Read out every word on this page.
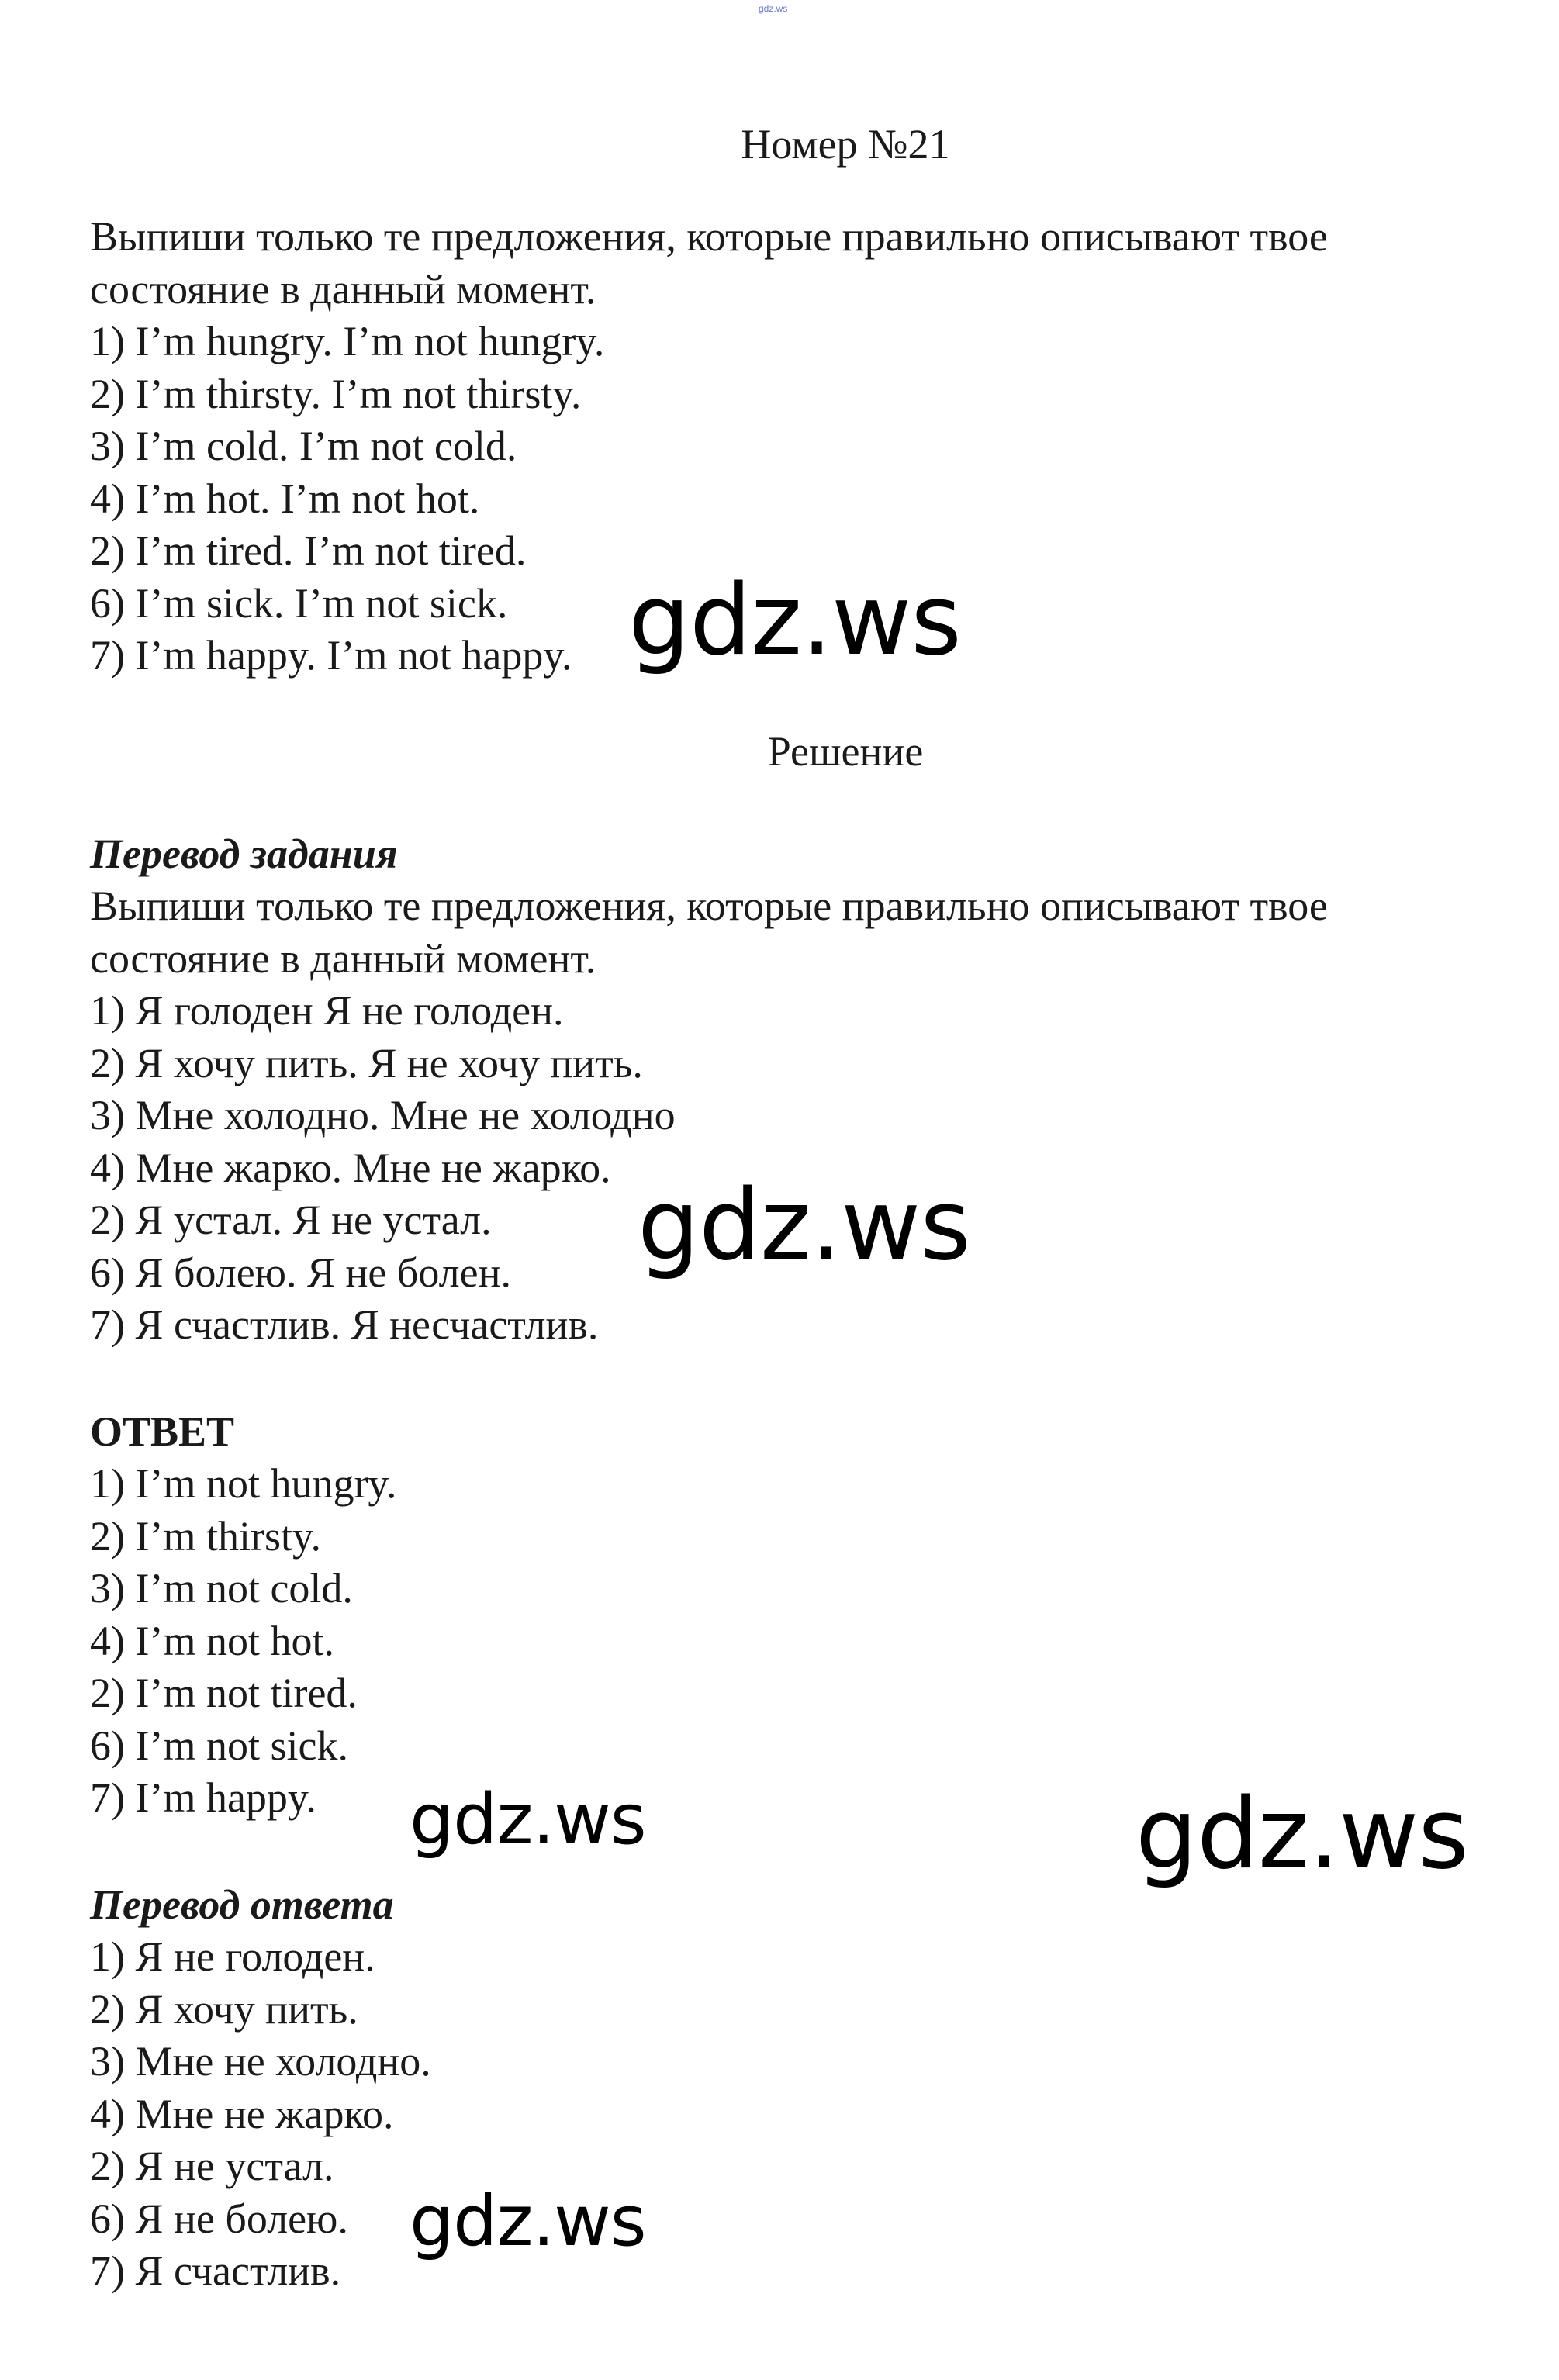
gdz.ws
Номер №21

Выпиши только те предложения, которые правильно описывают твое состояние в данный момент.

1) I’m hungry. I’m not hungry.
2) I’m thirsty. I’m not thirsty.
3) I’m cold. I’m not cold.
4) I’m hot. I’m not hot.
2) I’m tired. I’m not tired.
6) I’m sick. I’m not sick.
7) I’m happy. I’m not happy.
Решение

Перевод задания

Выпиши только те предложения, которые правильно описывают твое состояние в данный момент.

1) Я голоден Я не голоден.
2) Я хочу пить. Я не хочу пить.
3) Мне холодно. Мне не холодно
4) Мне жарко. Мне не жарко.
2) Я устал. Я не устал.
6) Я болею. Я не болен.
7) Я счастлив. Я несчастлив.

ОТВЕТ

1) I’m not hungry.
2) I’m thirsty.
3) I’m not cold.
4) I’m not hot.
2) I’m not tired.
6) I’m not sick.
7) I’m happy.

Перевод ответа

1) Я не голоден.
2) Я хочу пить.
3) Мне не холодно.
4) Мне не жарко.
2) Я не устал.
6) Я не болею.
7) Я счастлив.
gdz.ws
gdz.ws
gdz.ws	gdz.ws
gdz.ws
